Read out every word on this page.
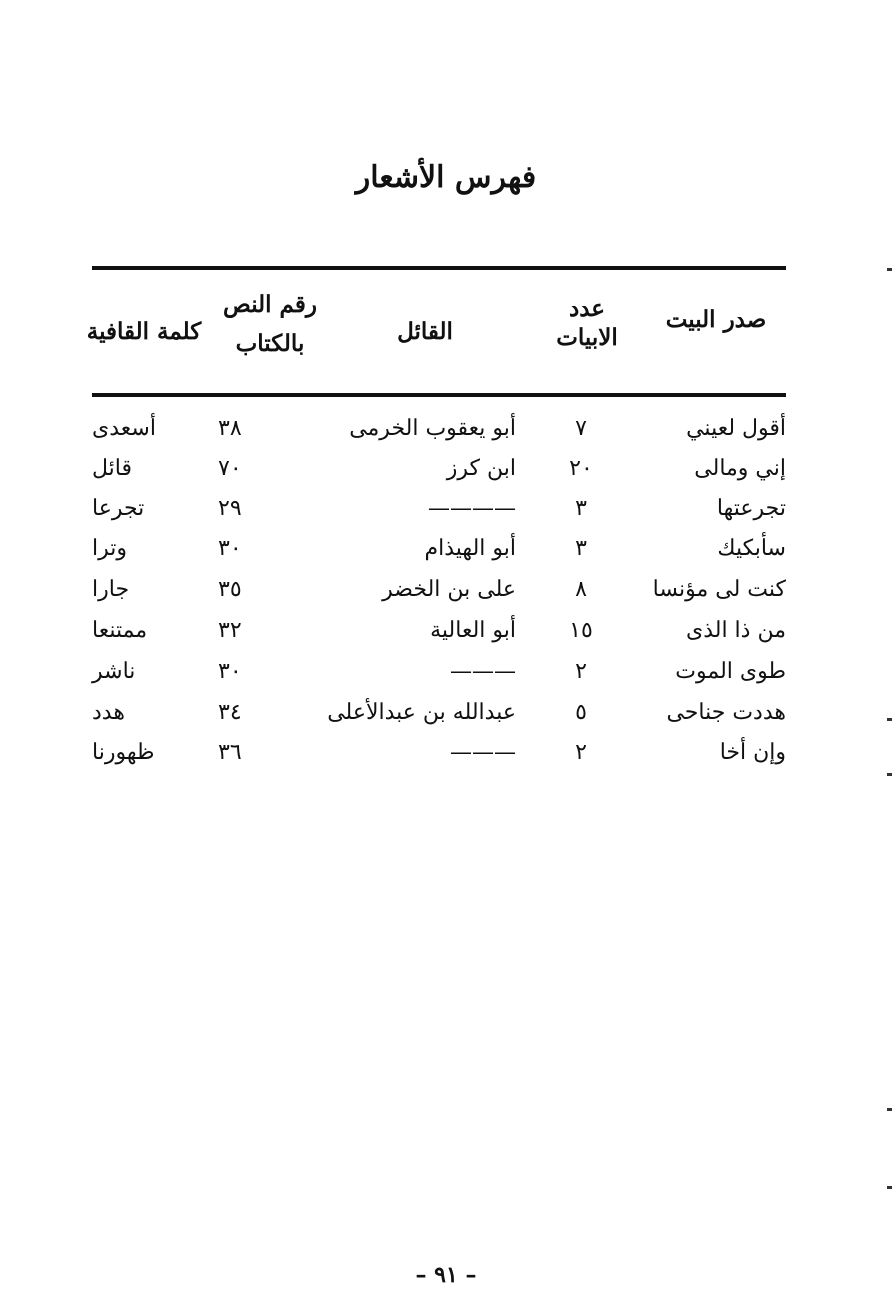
فهرس الأشعار
صدر البيت
عدد الابيات
القائل
رقم النص
بالكتاب
كلمة القافية
أقول لعيني
٧
أبو يعقوب الخرمى
٣٨
أسعدى
إني ومالى
٢٠
ابن كرز
٧٠
قائل
تجرعتها
٣
————
٢٩
تجرعا
سأبكيك
٣
أبو الهيذام
٣٠
وترا
كنت لى مؤنسا
٨
على بن الخضر
٣٥
جارا
من ذا الذى
١٥
أبو العالية
٣٢
ممتنعا
طوى الموت
٢
———
٣٠
ناشر
هددت جناحى
٥
عبدالله بن عبدالأعلى
٣٤
هدد
وإن أخا
٢
———
٣٦
ظهورنا
– ٩١ –
